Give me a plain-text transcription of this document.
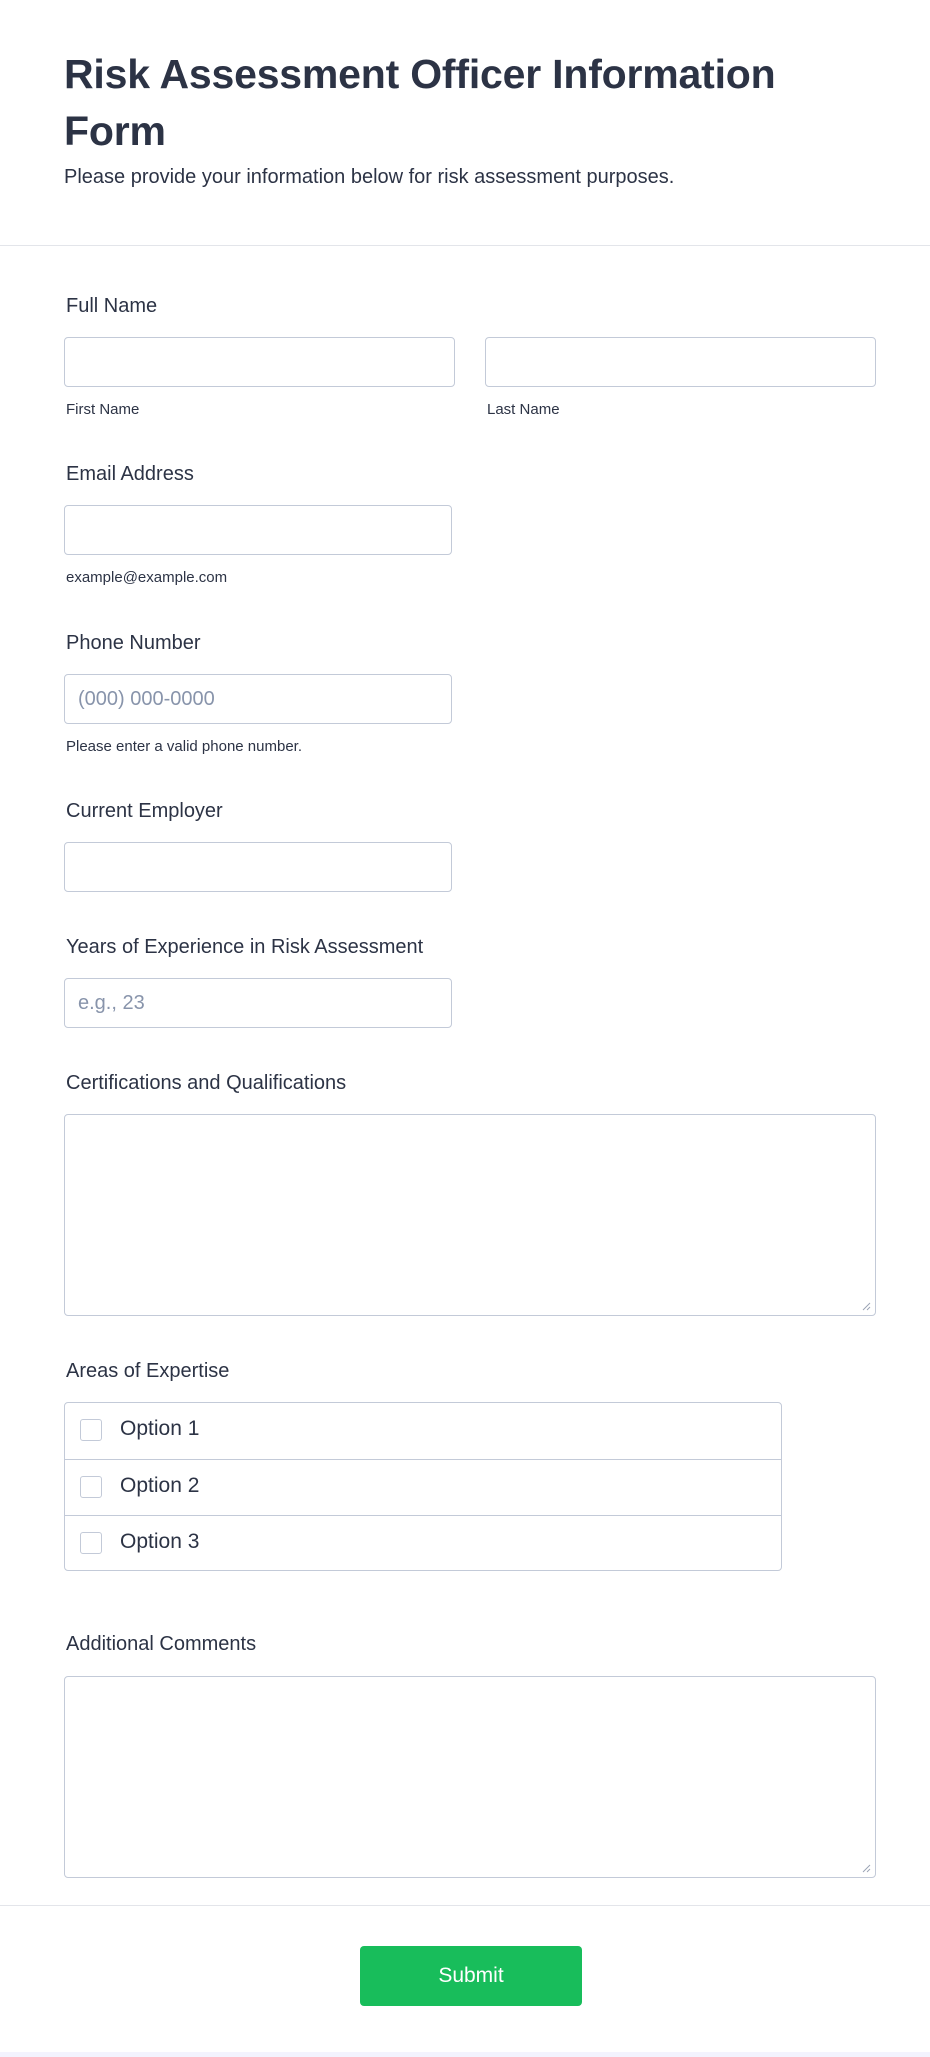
Risk Assessment Officer Information Form
Please provide your information below for risk assessment purposes.
Full Name
First Name	Last Name
Email Address
example@example.com
Phone Number
(000) 000-0000
Please enter a valid phone number.
Current Employer
Years of Experience in Risk Assessment
e.g., 23
Certifications and Qualifications
Areas of Expertise
Option 1
Option 2
Option 3
Additional Comments
Submit
